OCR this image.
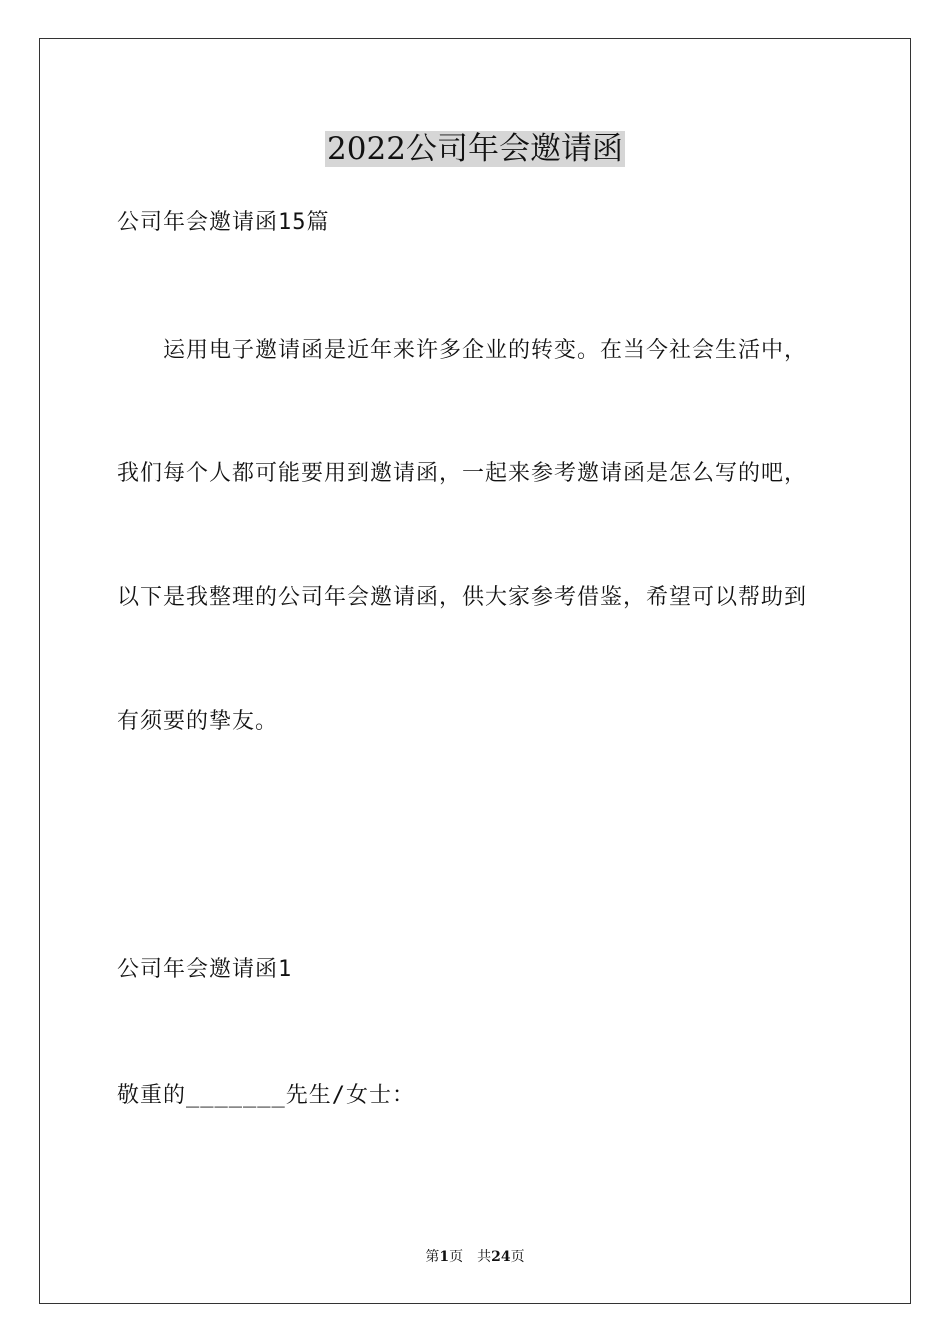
2022公司年会邀请函
公司年会邀请函15篇
运用电子邀请函是近年来许多企业的转变。在当今社会生活中，
我们每个人都可能要用到邀请函，一起来参考邀请函是怎么写的吧，
以下是我整理的公司年会邀请函，供大家参考借鉴，希望可以帮助到
有须要的挚友。
公司年会邀请函1
敬重的_______先生/女士：
第1页 共24页
